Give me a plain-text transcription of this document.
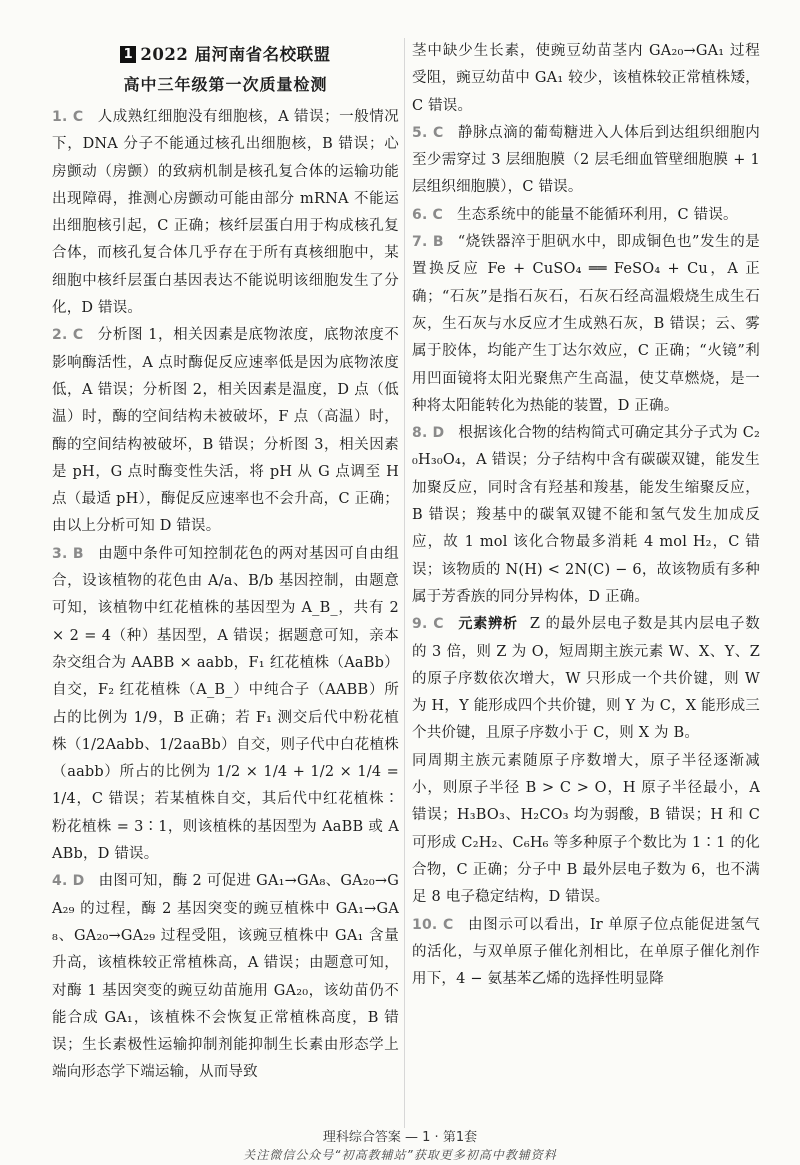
1 2022 届河南省名校联盟
高中三年级第一次质量检测

1. C 人成熟红细胞没有细胞核，A 错误；一般情况下，DNA 分子不能通过核孔出细胞核，B 错误；心房颤动（房颤）的致病机制是核孔复合体的运输功能出现障碍，推测心房颤动可能由部分 mRNA 不能运出细胞核引起，C 正确；核纤层蛋白用于构成核孔复合体，而核孔复合体几乎存在于所有真核细胞中，某细胞中核纤层蛋白基因表达不能说明该细胞发生了分化，D 错误。

2. C 分析图 1，相关因素是底物浓度，底物浓度不影响酶活性，A 点时酶促反应速率低是因为底物浓度低，A 错误；分析图 2，相关因素是温度，D 点（低温）时，酶的空间结构未被破坏，F 点（高温）时，酶的空间结构被破坏，B 错误；分析图 3，相关因素是 pH，G 点时酶变性失活，将 pH 从 G 点调至 H 点（最适 pH），酶促反应速率也不会升高，C 正确；由以上分析可知 D 错误。

3. B 由题中条件可知控制花色的两对基因可自由组合，设该植物的花色由 A/a、B/b 基因控制，由题意可知，该植物中红花植株的基因型为 A_B_，共有 2 × 2 = 4（种）基因型，A 错误；据题意可知，亲本杂交组合为 AABB × aabb，F₁ 红花植株（AaBb）自交，F₂ 红花植株（A_B_）中纯合子（AABB）所占的比例为 1/9，B 正确；若 F₁ 测交后代中粉花植株（1/2Aabb、1/2aaBb）自交，则子代中白花植株（aabb）所占的比例为 1/2 × 1/4 + 1/2 × 1/4 = 1/4，C 错误；若某植株自交，其后代中红花植株∶粉花植株 = 3∶1，则该植株的基因型为 AaBB 或 AABb，D 错误。

4. D 由图可知，酶 2 可促进 GA₁→GA₈、GA₂₀→GA₂₉ 的过程，酶 2 基因突变的豌豆植株中 GA₁→GA₈、GA₂₀→GA₂₉ 过程受阻，该豌豆植株中 GA₁ 含量升高，该植株较正常植株高，A 错误；由题意可知，对酶 1 基因突变的豌豆幼苗施用 GA₂₀，该幼苗仍不能合成 GA₁，该植株不会恢复正常植株高度，B 错误；生长素极性运输抑制剂能抑制生长素由形态学上端向形态学下端运输，从而导致

茎中缺少生长素，使豌豆幼苗茎内 GA₂₀→GA₁ 过程受阻，豌豆幼苗中 GA₁ 较少，该植株较正常植株矮，C 错误。

5. C 静脉点滴的葡萄糖进入人体后到达组织细胞内至少需穿过 3 层细胞膜（2 层毛细血管壁细胞膜 + 1 层组织细胞膜），C 错误。

6. C 生态系统中的能量不能循环利用，C 错误。

7. B “烧铁器淬于胆矾水中，即成铜色也”发生的是置换反应 Fe + CuSO₄ ══ FeSO₄ + Cu，A 正确；“石灰”是指石灰石，石灰石经高温煅烧生成生石灰，生石灰与水反应才生成熟石灰，B 错误；云、雾属于胶体，均能产生丁达尔效应，C 正确；“火镜”利用凹面镜将太阳光聚焦产生高温，使艾草燃烧，是一种将太阳能转化为热能的装置，D 正确。

8. D 根据该化合物的结构简式可确定其分子式为 C₂₀H₃₀O₄，A 错误；分子结构中含有碳碳双键，能发生加聚反应，同时含有羟基和羧基，能发生缩聚反应，B 错误；羧基中的碳氧双键不能和氢气发生加成反应，故 1 mol 该化合物最多消耗 4 mol H₂，C 错误；该物质的 N(H) < 2N(C) − 6，故该物质有多种属于芳香族的同分异构体，D 正确。

9. C 元素辨析 Z 的最外层电子数是其内层电子数的 3 倍，则 Z 为 O，短周期主族元素 W、X、Y、Z 的原子序数依次增大，W 只形成一个共价键，则 W 为 H，Y 能形成四个共价键，则 Y 为 C，X 能形成三个共价键，且原子序数小于 C，则 X 为 B。

同周期主族元素随原子序数增大，原子半径逐渐减小，则原子半径 B > C > O，H 原子半径最小，A 错误；H₃BO₃、H₂CO₃ 均为弱酸，B 错误；H 和 C 可形成 C₂H₂、C₆H₆ 等多种原子个数比为 1∶1 的化合物，C 正确；分子中 B 最外层电子数为 6，也不满足 8 电子稳定结构，D 错误。

10. C 由图示可以看出，Ir 单原子位点能促进氢气的活化，与双单原子催化剂相比，在单原子催化剂作用下，4 − 氨基苯乙烯的选择性明显降

理科综合答案 — 1 · 第1套
关注微信公众号“初高教辅站”获取更多初高中教辅资料
